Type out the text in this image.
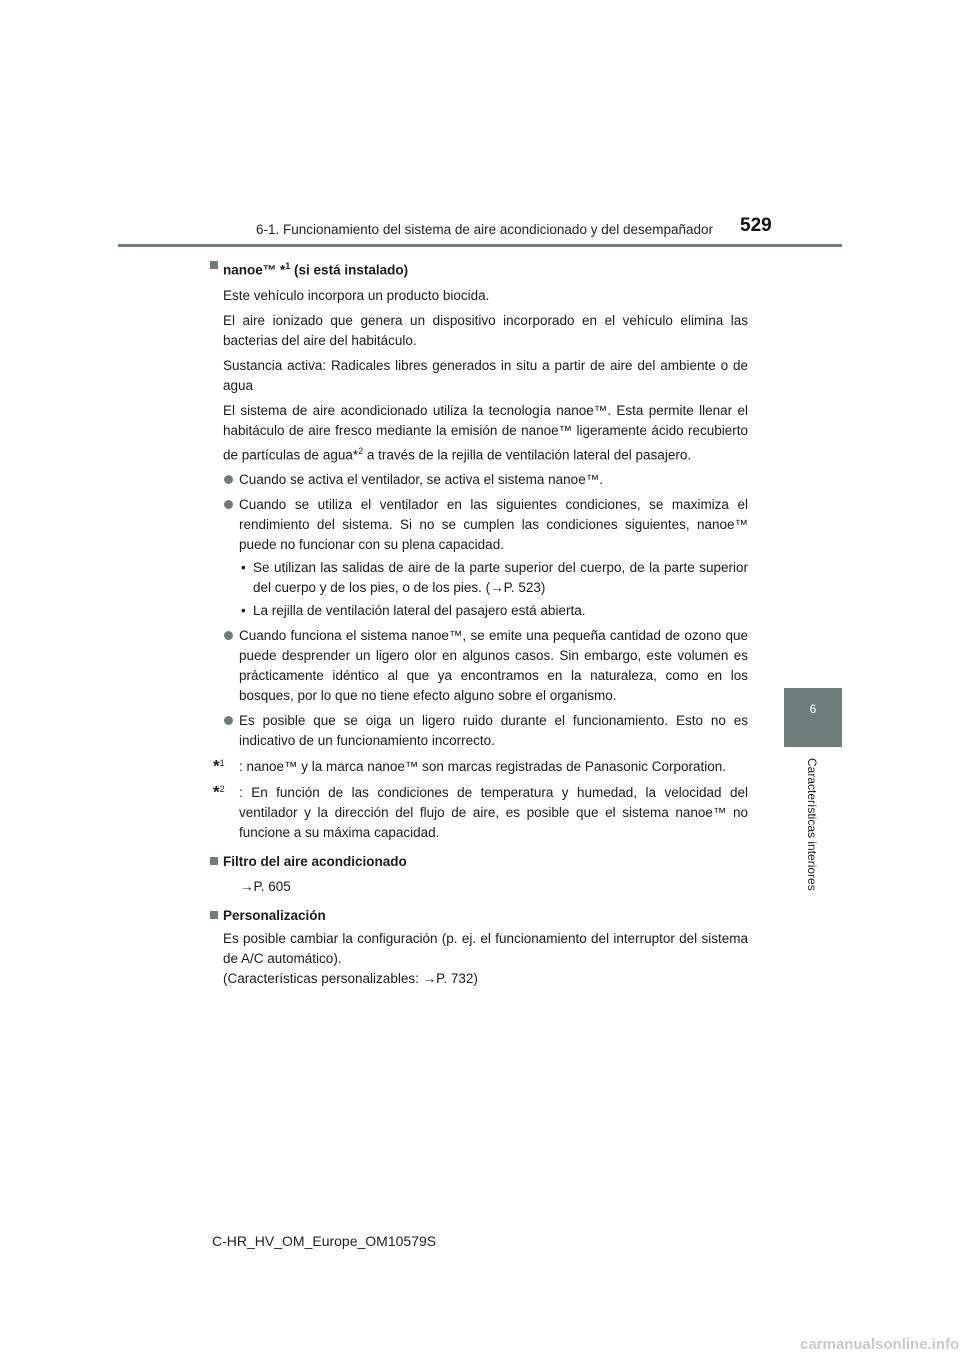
6-1. Funcionamiento del sistema de aire acondicionado y del desempañador 529
6
Características interiores
nanoe™ *$^1$ (si está instalado)
Este vehículo incorpora un producto biocida.
El aire ionizado que genera un dispositivo incorporado en el vehículo elimina las bacterias del aire del habitáculo.
Sustancia activa: Radicales libres generados in situ a partir de aire del ambiente o de agua
El sistema de aire acondicionado utiliza la tecnología nanoe™. Esta permite llenar el habitáculo de aire fresco mediante la emisión de nanoe™ ligeramente ácido recubierto de partículas de agua*$^2$ a través de la rejilla de ventilación lateral del pasajero.
Cuando se activa el ventilador, se activa el sistema nanoe™.
Cuando se utiliza el ventilador en las siguientes condiciones, se maximiza el rendimiento del sistema. Si no se cumplen las condiciones siguientes, nanoe™ puede no funcionar con su plena capacidad.
• Se utilizan las salidas de aire de la parte superior del cuerpo, de la parte superior del cuerpo y de los pies, o de los pies. (→P. 523)
• La rejilla de ventilación lateral del pasajero está abierta.
Cuando funciona el sistema nanoe™, se emite una pequeña cantidad de ozono que puede desprender un ligero olor en algunos casos. Sin embargo, este volumen es prácticamente idéntico al que ya encontramos en la naturaleza, como en los bosques, por lo que no tiene efecto alguno sobre el organismo.
Es posible que se oiga un ligero ruido durante el funcionamiento. Esto no es indicativo de un funcionamiento incorrecto.
*$^1$ : nanoe™ y la marca nanoe™ son marcas registradas de Panasonic Corporation.
*$^2$ : En función de las condiciones de temperatura y humedad, la velocidad del ventilador y la dirección del flujo de aire, es posible que el sistema nanoe™ no funcione a su máxima capacidad.
Filtro del aire acondicionado
→P. 605
Personalización
Es posible cambiar la configuración (p. ej. el funcionamiento del interruptor del sistema de A/C automático).
(Características personalizables: →P. 732)
C-HR_HV_OM_Europe_OM10579S
carmanualsonline.info
